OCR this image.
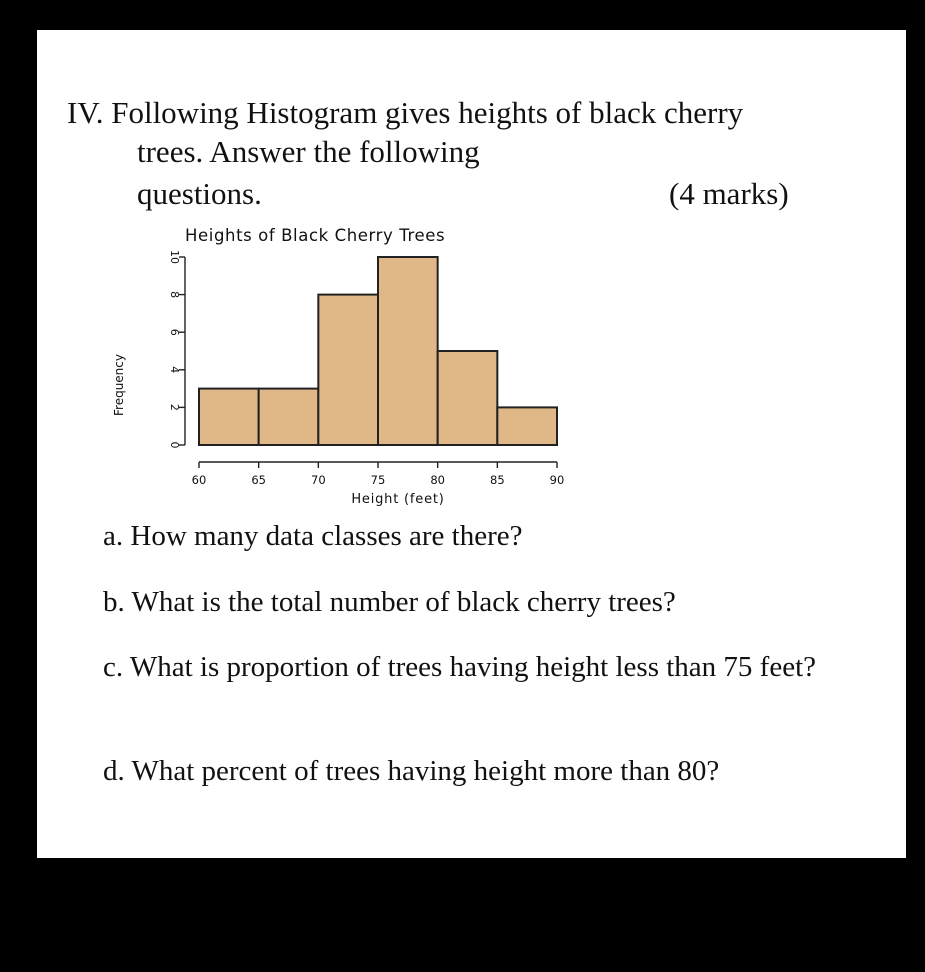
IV. Following Histogram gives heights of black cherry
trees. Answer the following
questions.	(4 marks)
Heights of Black Cherry Trees
Frequency
Height (feet)
0
2
4
6
8
10
60	65	70	75	80	85	90
a. How many data classes are there?
b. What is the total number of black cherry trees?
c. What is proportion of trees having height less than 75 feet?
d. What percent of trees having height more than 80?
